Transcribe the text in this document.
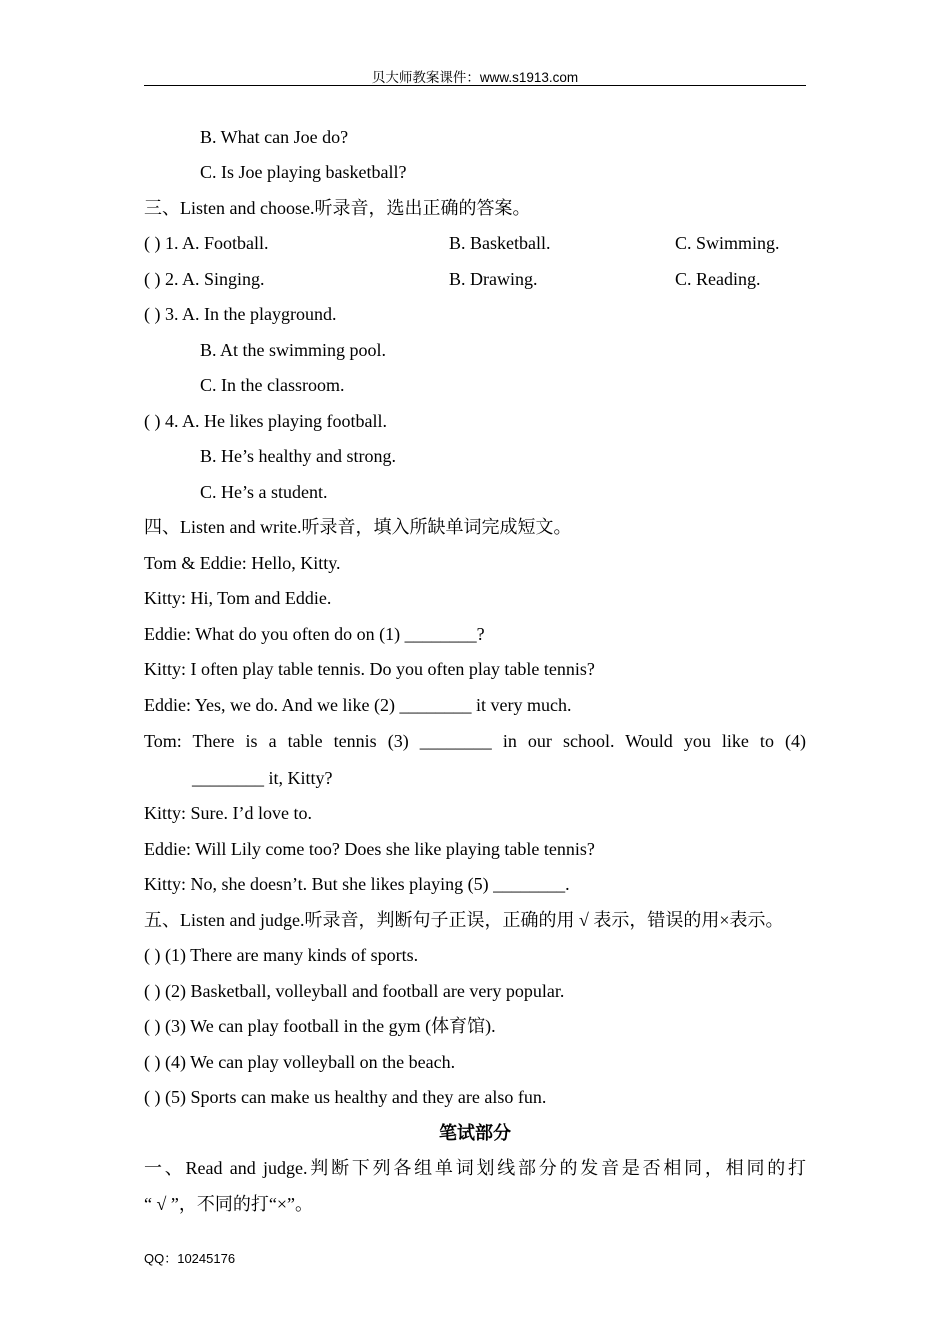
贝大师教案课件：www.s1913.com
B. What can Joe do?
C. Is Joe playing basketball?
三、Listen and choose.听录音，选出正确的答案。
( ) 1. A. Football.	B. Basketball.	C. Swimming.
( ) 2. A. Singing.	B. Drawing.	C. Reading.
( ) 3. A. In the playground.
B. At the swimming pool.
C. In the classroom.
( ) 4. A. He likes playing football.
B. He’s healthy and strong.
C. He’s a student.
四、Listen and write.听录音，填入所缺单词完成短文。
Tom & Eddie: Hello, Kitty.
Kitty: Hi, Tom and Eddie.
Eddie: What do you often do on (1) ________?
Kitty: I often play table tennis. Do you often play table tennis?
Eddie: Yes, we do. And we like (2) ________ it very much.
Tom: There is a table tennis (3) ________ in our school. Would you like to (4)
________ it, Kitty?
Kitty: Sure. I’d love to.
Eddie: Will Lily come too? Does she like playing table tennis?
Kitty: No, she doesn’t. But she likes playing (5) ________.
五、Listen and judge.听录音，判断句子正误，正确的用 √ 表示，错误的用×表示。
( ) (1) There are many kinds of sports.
( ) (2) Basketball, volleyball and football are very popular.
( ) (3) We can play football in the gym (体育馆).
( ) (4) We can play volleyball on the beach.
( ) (5) Sports can make us healthy and they are also fun.
笔试部分
一、Read and judge.判断下列各组单词划线部分的发音是否相同，相同的打
“ √ ”，不同的打“×”。
QQ：10245176
